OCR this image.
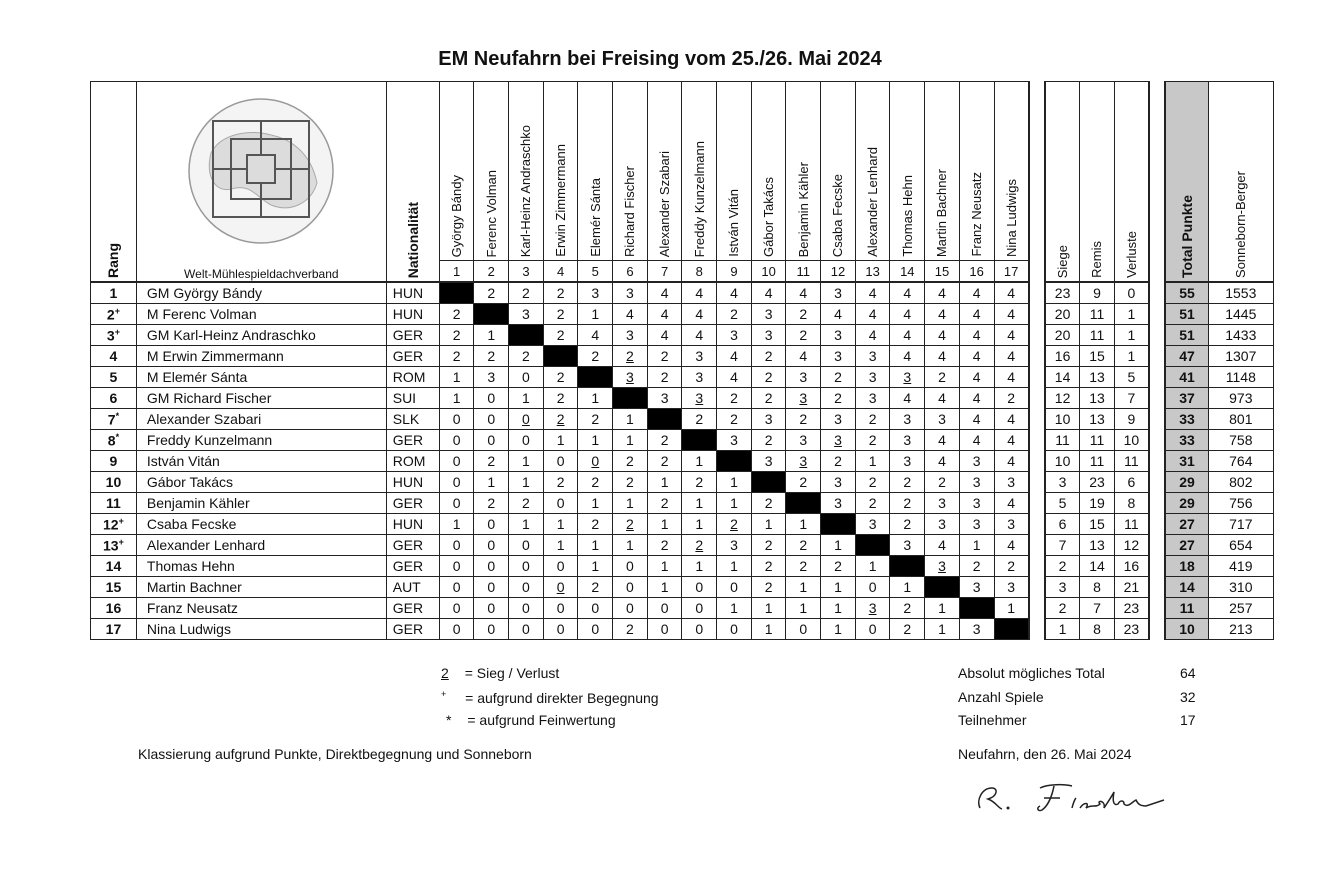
EM Neufahrn bei Freising vom 25./26. Mai 2024
Rang	Welt-Mühlespieldachverband	Nationalität	György Bándy	Ferenc Volman	Karl-Heinz Andraschko	Erwin Zimmermann	Elemér Sánta	Richard Fischer	Alexander Szabari	Freddy Kunzelmann	István Vitán	Gábor Takács	Benjamin Kähler	Csaba Fecske	Alexander Lenhard	Thomas Hehn	Martin Bachner	Franz Neusatz	Nina Ludwigs		Siege	Remis	Verluste		Total Punkte	Sonneborn-Berger
			1	2	3	4	5	6	7	8	9	10	11	12	13	14	15	16	17							
1	GM György Bándy	HUN		2	2	2	3	3	4	4	4	4	4	3	4	4	4	4	4		23	9	0		55	1553
2+	M Ferenc Volman	HUN	2		3	2	1	4	4	4	2	3	2	4	4	4	4	4	4		20	11	1		51	1445
3+	GM Karl-Heinz Andraschko	GER	2	1		2	4	3	4	4	3	3	2	3	4	4	4	4	4		20	11	1		51	1433
4	M Erwin Zimmermann	GER	2	2	2		2	2	2	3	4	2	4	3	3	4	4	4	4		16	15	1		47	1307
5	M Elemér Sánta	ROM	1	3	0	2		3	2	3	4	2	3	2	3	3	2	4	4		14	13	5		41	1148
6	GM Richard Fischer	SUI	1	0	1	2	1		3	3	2	2	3	2	3	4	4	4	2		12	13	7		37	973
7*	Alexander Szabari	SLK	0	0	0	2	2	1		2	2	3	2	3	2	3	3	4	4		10	13	9		33	801
8*	Freddy Kunzelmann	GER	0	0	0	1	1	1	2		3	2	3	3	2	3	4	4	4		11	11	10		33	758
9	István Vitán	ROM	0	2	1	0	0	2	2	1		3	3	2	1	3	4	3	4		10	11	11		31	764
10	Gábor Takács	HUN	0	1	1	2	2	2	1	2	1		2	3	2	2	2	3	3		3	23	6		29	802
11	Benjamin Kähler	GER	0	2	2	0	1	1	2	1	1	2		3	2	2	3	3	4		5	19	8		29	756
12+	Csaba Fecske	HUN	1	0	1	1	2	2	1	1	2	1	1		3	2	3	3	3		6	15	11		27	717
13+	Alexander Lenhard	GER	0	0	0	1	1	1	2	2	3	2	2	1		3	4	1	4		7	13	12		27	654
14	Thomas Hehn	GER	0	0	0	0	1	0	1	1	1	2	2	2	1		3	2	2		2	14	16		18	419
15	Martin Bachner	AUT	0	0	0	0	2	0	1	0	0	2	1	1	0	1		3	3		3	8	21		14	310
16	Franz Neusatz	GER	0	0	0	0	0	0	0	0	1	1	1	1	3	2	1		1		2	7	23		11	257
17	Nina Ludwigs	GER	0	0	0	0	0	2	0	0	0	1	0	1	0	2	1	3			1	8	23		10	213
2 = Sieg / Verlust
+ = aufgrund direkter Begegnung
* = aufgrund Feinwertung
Absolut mögliches Total	64
Anzahl Spiele	32
Teilnehmer	17
Klassierung aufgrund Punkte, Direktbegegnung und Sonneborn	Neufahrn, den 26. Mai 2024
